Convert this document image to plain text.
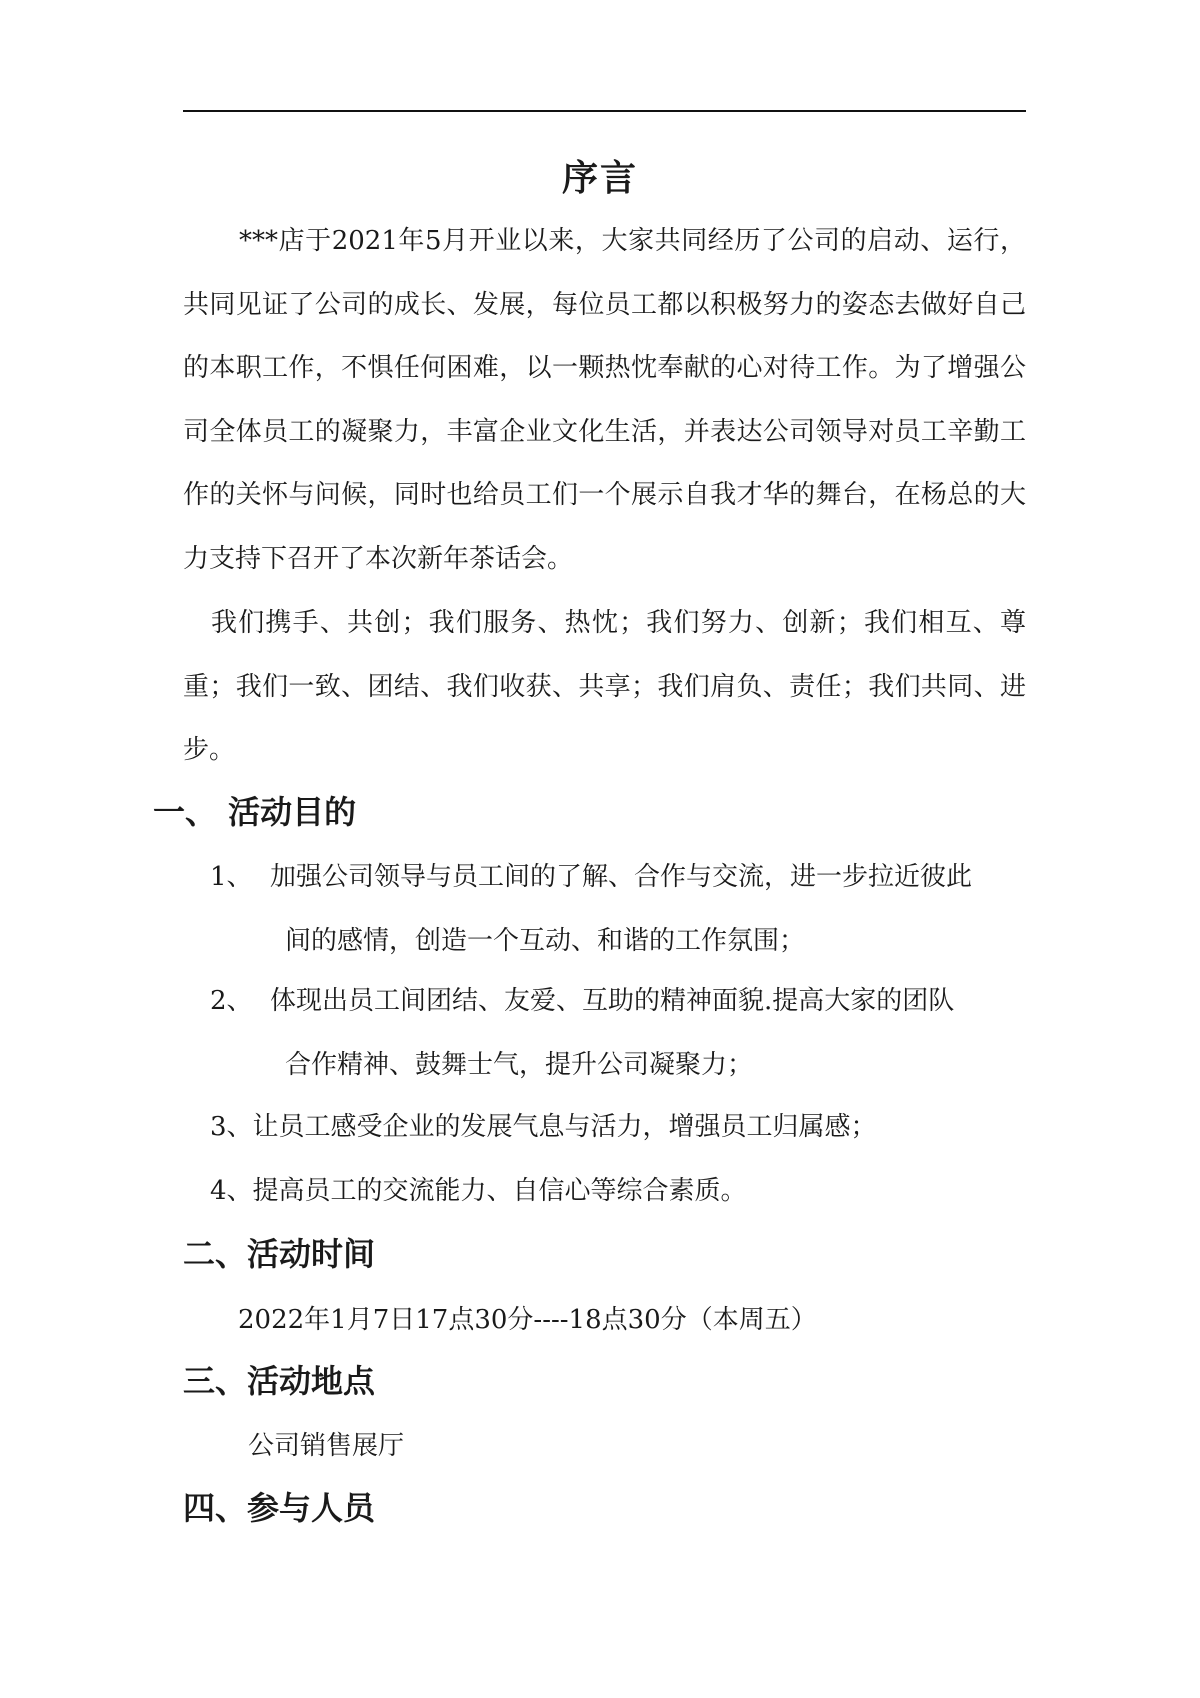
序言
***店于2021年5月开业以来，大家共同经历了公司的启动、运行，共同见证了公司的成长、发展，每位员工都以积极努力的姿态去做好自己的本职工作，不惧任何困难，以一颗热忱奉献的心对待工作。为了增强公司全体员工的凝聚力，丰富企业文化生活，并表达公司领导对员工辛勤工作的关怀与问候，同时也给员工们一个展示自我才华的舞台，在杨总的大力支持下召开了本次新年茶话会。
我们携手、共创；我们服务、热忱；我们努力、创新；我们相互、尊重；我们一致、团结、我们收获、共享；我们肩负、责任；我们共同、进步。
一、 活动目的
1、 加强公司领导与员工间的了解、合作与交流，进一步拉近彼此
间的感情，创造一个互动、和谐的工作氛围；
2、 体现出员工间团结、友爱、互助的精神面貌.提高大家的团队
合作精神、鼓舞士气，提升公司凝聚力；
3、让员工感受企业的发展气息与活力，增强员工归属感；
4、提高员工的交流能力、自信心等综合素质。
二、活动时间
2022年1月7日17点30分----18点30分（本周五）
三、活动地点
公司销售展厅
四、参与人员
